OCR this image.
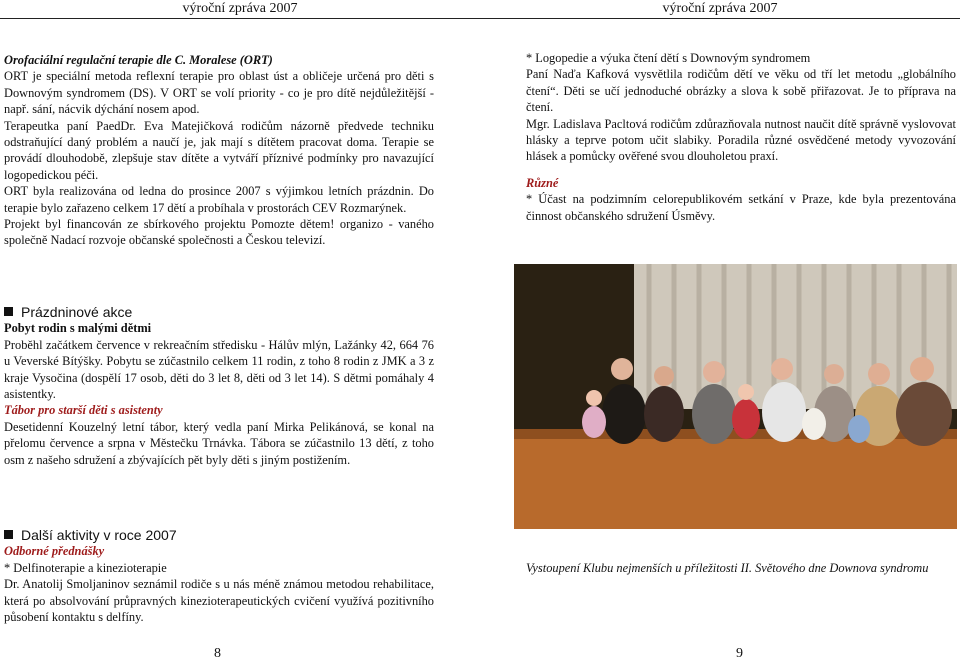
výroční zpráva 2007	výroční zpráva 2007

Orofaciální regulační terapie dle C. Moralese (ORT)

ORT je speciální metoda reflexní terapie pro oblast úst a obličeje určená pro děti s Downovým syndromem (DS). V ORT se volí priority - co je pro dítě nejdůležitější - např. sání, nácvik dýchání nosem apod.

Terapeutka paní PaedDr. Eva Matejičková rodičům názorně předvede techniku odstraňující daný problém a naučí je, jak mají s dítětem pracovat doma. Terapie se provádí dlouhodobě, zlepšuje stav dítěte a vytváří příznivé podmínky pro navazující logopedickou péči.

ORT byla realizována od ledna do prosince 2007 s výjimkou letních prázdnin. Do terapie bylo zařazeno celkem 17 dětí a probíhala v prostorách CEV Rozmarýnek.

Projekt byl financován ze sbírkového projektu Pomozte dětem! organizo - vaného společně Nadací rozvoje občanské společnosti a Českou televizí.

Prázdninové akce

Pobyt rodin s malými dětmi

Proběhl začátkem července v rekreačním středisku - Hálův mlýn, Lažánky 42, 664 76 u Veverské Bítýšky. Pobytu se zúčastnilo celkem 11 rodin, z toho 8 rodin z JMK a 3 z kraje Vysočina (dospělí 17 osob, děti do 3 let 8, děti od 3 let 14). S dětmi pomáhaly 4 asistentky.

Tábor pro starší děti s asistenty

Desetidenní Kouzelný letní tábor, který vedla paní Mirka Pelikánová, se konal na přelomu července a srpna v Městečku Trnávka. Tábora se zúčastnilo 13 dětí, z toho osm z našeho sdružení a zbývajících pět byly děti s jiným postižením.

Další aktivity v roce 2007

Odborné přednášky

* Delfinoterapie a kinezioterapie

Dr. Anatolij Smoljaninov seznámil rodiče s u nás méně známou metodou rehabilitace, která po absolvování průpravných kinezioterapeutických cvičení využívá pozitivního působení kontaktu s delfíny.

* Logopedie a výuka čtení dětí s Downovým syndromem

Paní Naďa Kafková vysvětlila rodičům dětí ve věku od tří let metodu „globálního čtení“. Děti se učí jednoduché obrázky a slova k sobě přiřazovat. Je to příprava na čtení.

Mgr. Ladislava Pacltová rodičům zdůrazňovala nutnost naučit dítě správně vyslovovat hlásky a teprve potom učit slabiky. Poradila různé osvědčené metody vyvozování hlásek a pomůcky ověřené svou dlouholetou praxí.

Různé

* Účast na podzimním celorepublikovém setkání v Praze, kde byla prezentována činnost občanského sdružení Úsměvy.

Vystoupení Klubu nejmenších u příležitosti II. Světového dne Downova syndromu
8	9
